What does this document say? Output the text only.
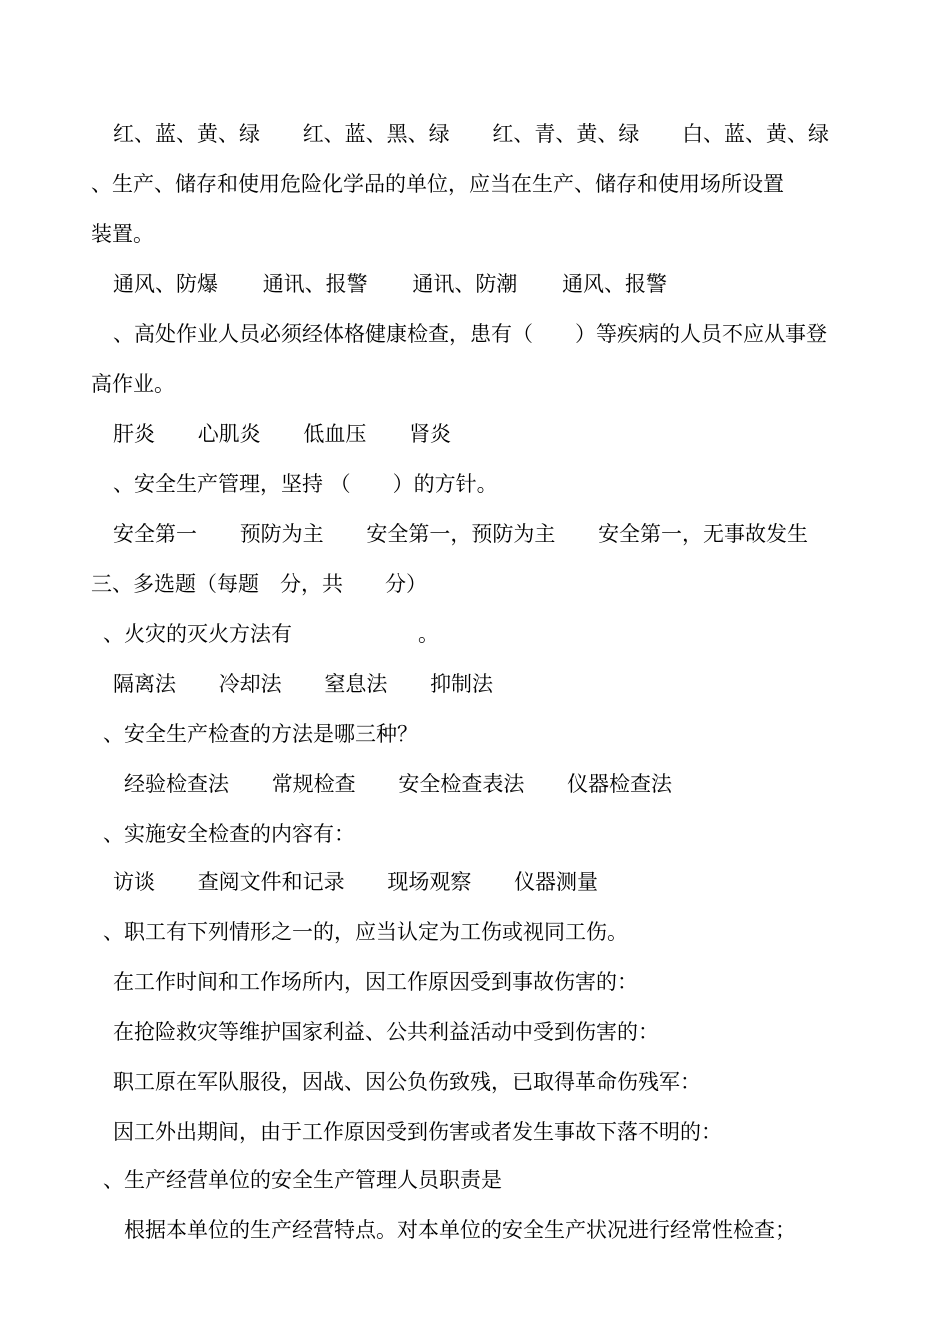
红、蓝、黄、绿 红、蓝、黑、绿 红、青、黄、绿 白、蓝、黄、绿
、生产、储存和使用危险化学品的单位，应当在生产、储存和使用场所设置
装置。
通风、防爆 通讯、报警 通讯、防潮 通风、报警
、高处作业人员必须经体格健康检查，患有（　　）等疾病的人员不应从事登
高作业。
肝炎 心肌炎 低血压 肾炎
、安全生产管理，坚持 （　　）的方针。
安全第一 预防为主 安全第一，预防为主 安全第一，无事故发生
三、多选题（每题　分，共　　分）
、火灾的灭火方法有　　　　　　。
隔离法 冷却法 窒息法 抑制法
、安全生产检查的方法是哪三种？
经验检查法 常规检查 安全检查表法 仪器检查法
、实施安全检查的内容有：
访谈 查阅文件和记录 现场观察 仪器测量
、职工有下列情形之一的，应当认定为工伤或视同工伤。
在工作时间和工作场所内，因工作原因受到事故伤害的：
在抢险救灾等维护国家利益、公共利益活动中受到伤害的：
职工原在军队服役，因战、因公负伤致残，已取得革命伤残军：
因工外出期间，由于工作原因受到伤害或者发生事故下落不明的：
、生产经营单位的安全生产管理人员职责是
根据本单位的生产经营特点。对本单位的安全生产状况进行经常性检查；
